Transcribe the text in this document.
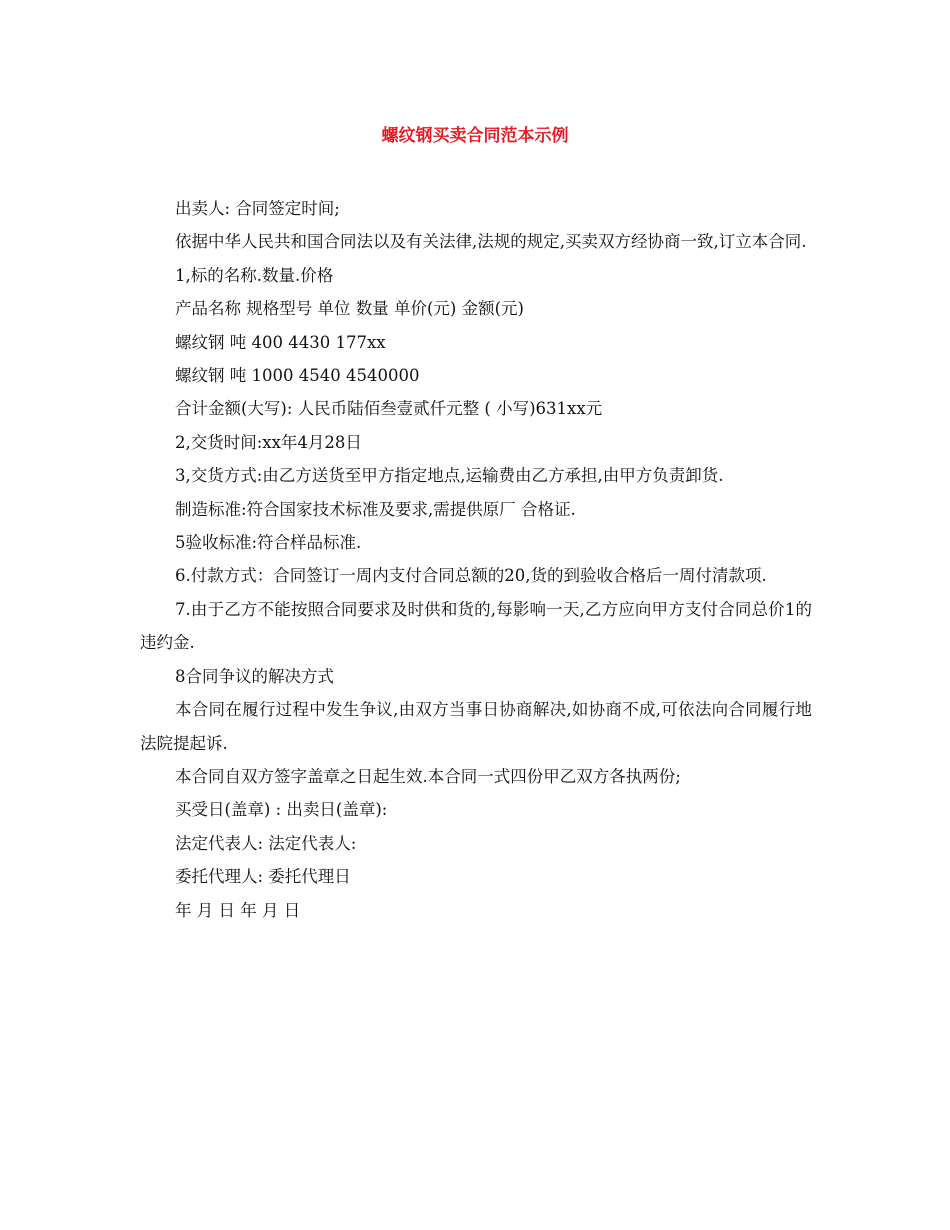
螺纹钢买卖合同范本示例

出卖人: 合同签定时间;

依据中华人民共和国合同法以及有关法律,法规的规定,买卖双方经协商一致,订立本合同.

1,标的名称.数量.价格

产品名称 规格型号 单位 数量 单价(元) 金额(元)

螺纹钢 吨 400 4430 177xx

螺纹钢 吨 1000 4540 4540000

合计金额(大写): 人民币陆佰叁壹贰仟元整 ( 小写)631xx元

2,交货时间:xx年4月28日

3,交货方式:由乙方送货至甲方指定地点,运输费由乙方承担,由甲方负责卸货.

制造标准:符合国家技术标准及要求,需提供原厂 合格证.

5验收标准:符合样品标准.

6.付款方式：合同签订一周内支付合同总额的20,货的到验收合格后一周付清款项.

7.由于乙方不能按照合同要求及时供和货的,每影响一天,乙方应向甲方支付合同总价1的违约金.

8合同争议的解决方式

本合同在履行过程中发生争议,由双方当事日协商解决,如协商不成,可依法向合同履行地法院提起诉.

本合同自双方签字盖章之日起生效.本合同一式四份甲乙双方各执两份;

买受日(盖章) : 出卖日(盖章):

法定代表人: 法定代表人:

委托代理人: 委托代理日

年 月 日 年 月 日
